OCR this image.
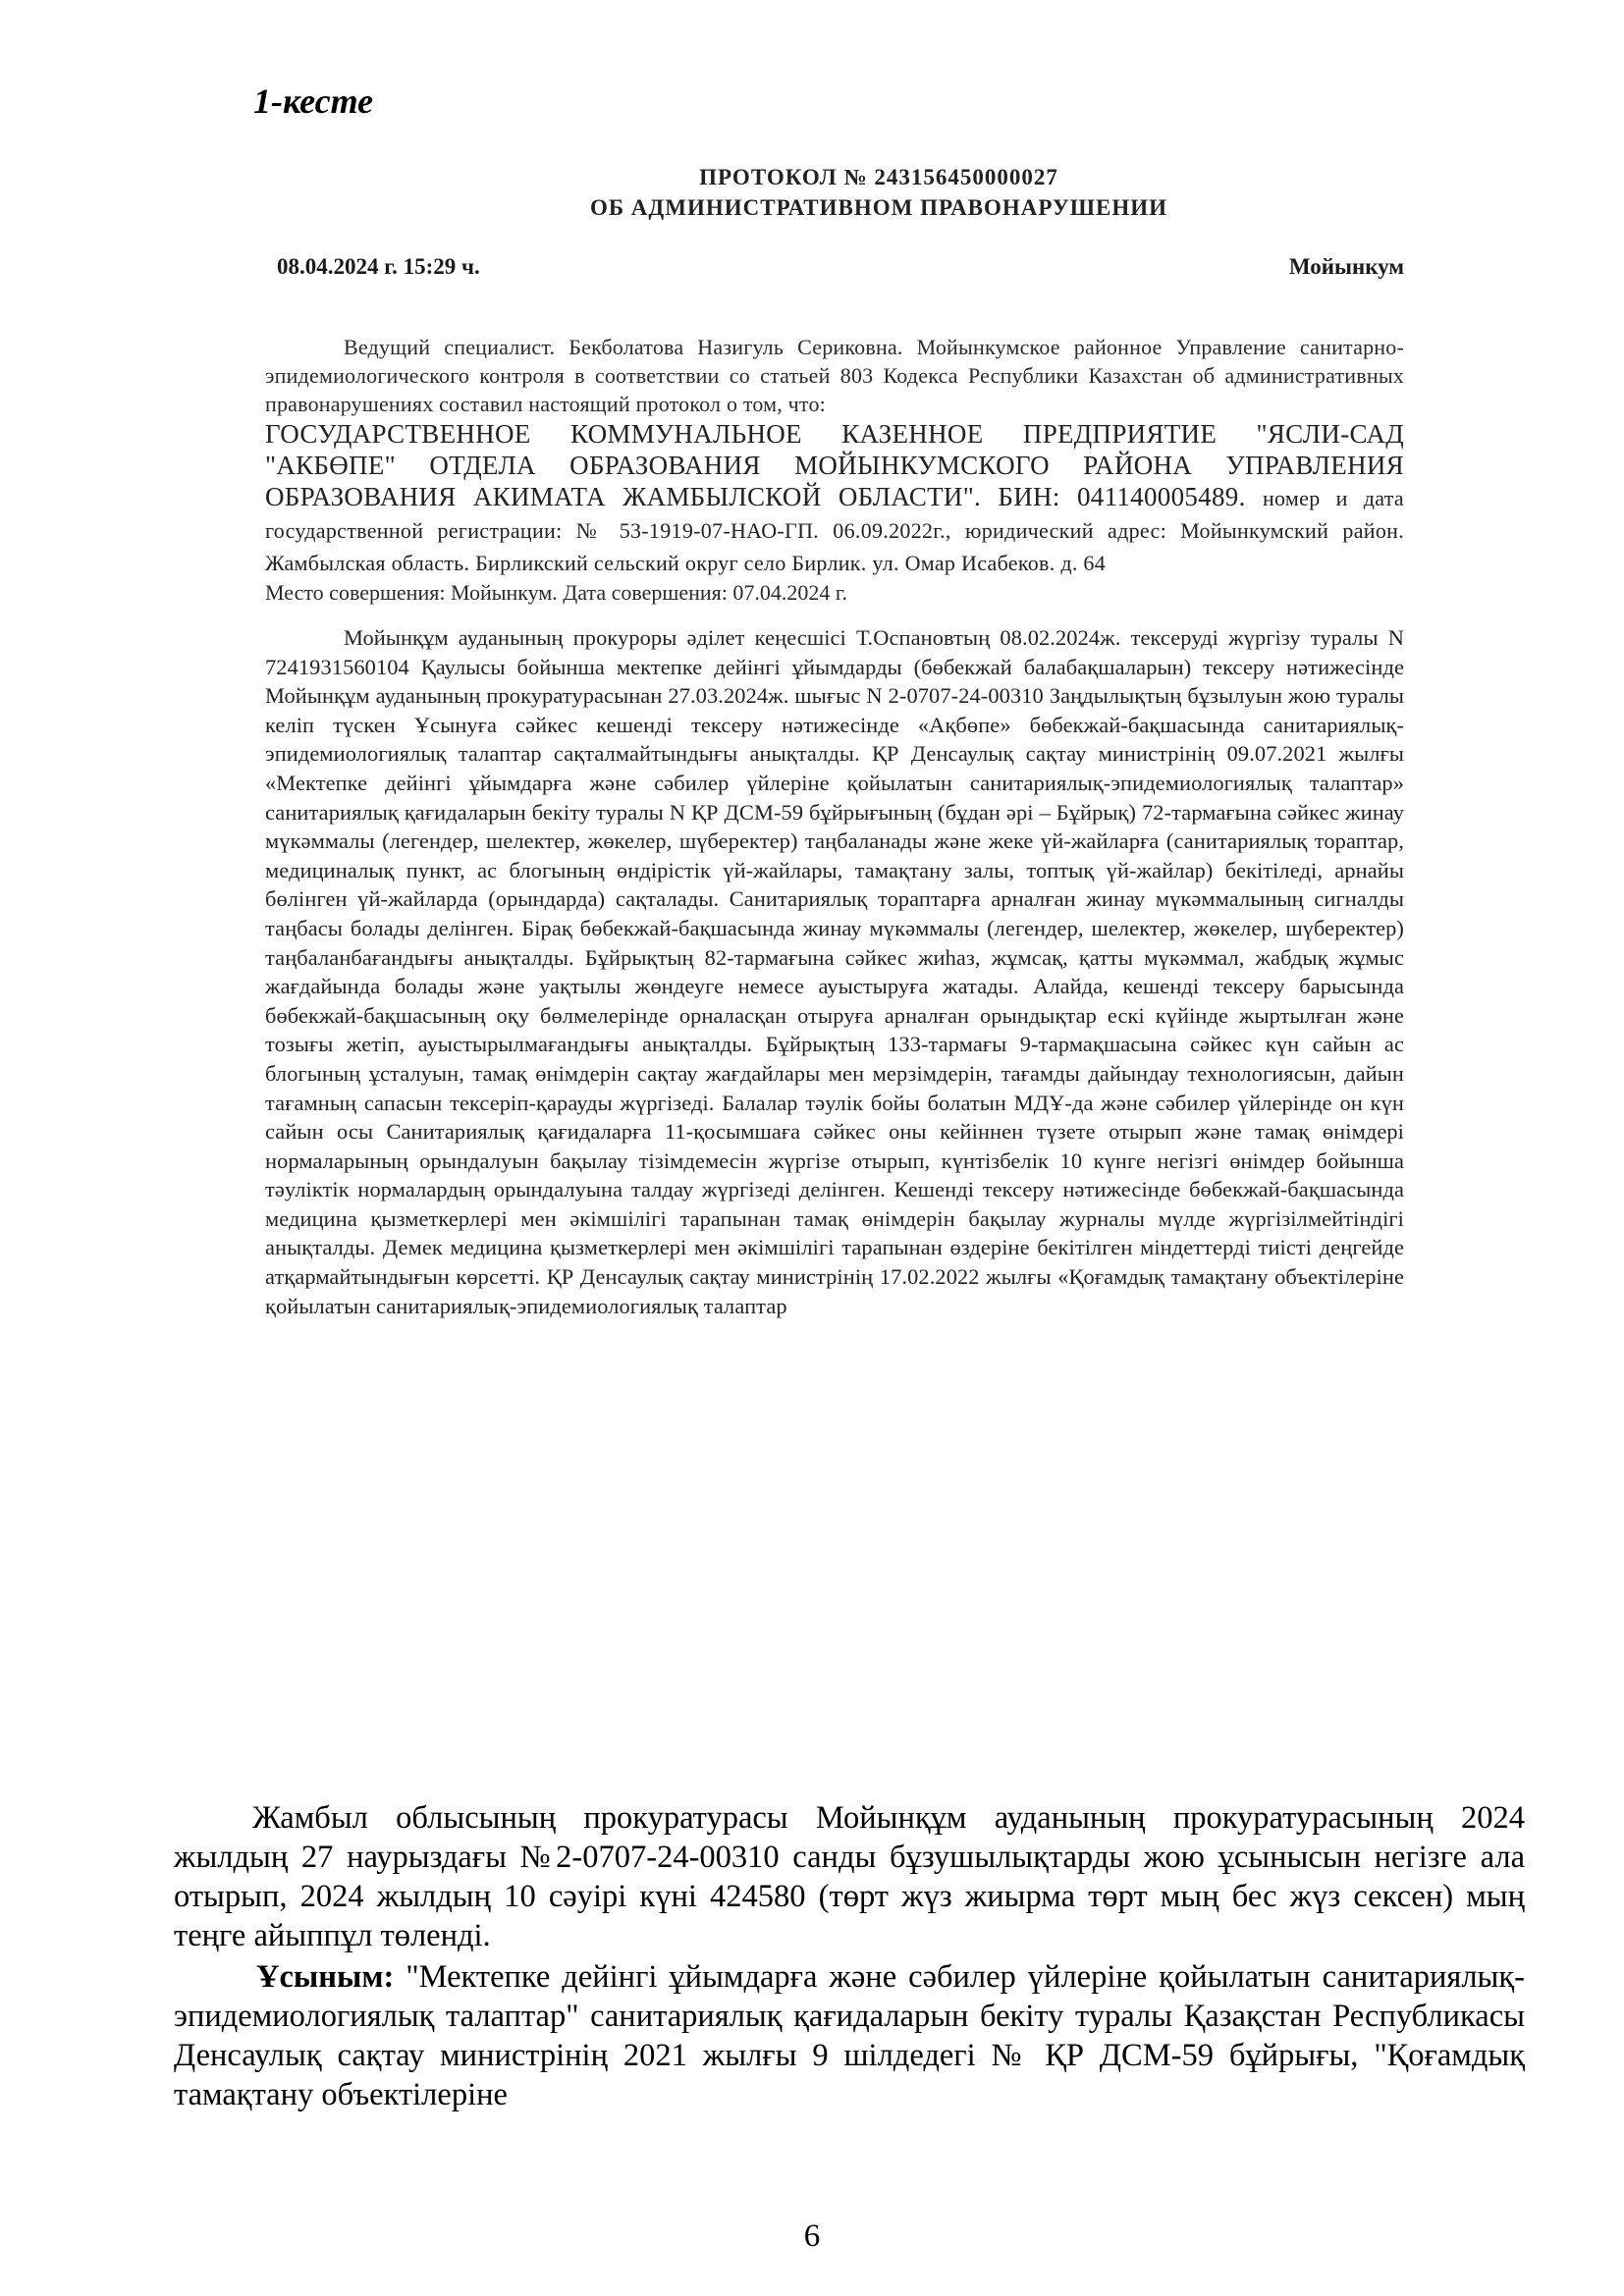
1-кесте
ПРОТОКОЛ № 243156450000027
ОБ АДМИНИСТРАТИВНОМ ПРАВОНАРУШЕНИИ
08.04.2024 г. 15:29 ч.	Мойынкум
Ведущий специалист. Бекболатова Назигуль Сериковна. Мойынкумское районное Управление санитарно-эпидемиологического контроля в соответствии со статьей 803 Кодекса Республики Казахстан об административных правонарушениях составил настоящий протокол о том, что:
ГОСУДАРСТВЕННОЕ КОММУНАЛЬНОЕ КАЗЕННОЕ ПРЕДПРИЯТИЕ "ЯСЛИ-САД "АКБӨПЕ" ОТДЕЛА ОБРАЗОВАНИЯ МОЙЫНКУМСКОГО РАЙОНА УПРАВЛЕНИЯ ОБРАЗОВАНИЯ АКИМАТА ЖАМБЫЛСКОЙ ОБЛАСТИ". БИН: 041140005489. номер и дата государственной регистрации: № 53-1919-07-НАО-ГП. 06.09.2022г., юридический адрес: Мойынкумский район. Жамбылская область. Бирликский сельский округ село Бирлик. ул. Омар Исабеков. д. 64
Место совершения: Мойынкум. Дата совершения: 07.04.2024 г.
Мойынқұм ауданының прокуроры әділет кеңесшісі Т.Оспановтың 08.02.2024ж. тексеруді жүргізу туралы N 7241931560104 Қаулысы бойынша мектепке дейінгі ұйымдарды (бөбекжай балабақшаларын) тексеру нәтижесінде Мойынқұм ауданының прокуратурасынан 27.03.2024ж. шығыс N 2-0707-24-00310 Заңдылықтың бұзылуын жою туралы келіп түскен Ұсынуға сәйкес кешенді тексеру нәтижесінде «Ақбөпе» бөбекжай-бақшасында санитариялық-эпидемиологиялық талаптар сақталмайтындығы анықталды. ҚР Денсаулық сақтау министрінің 09.07.2021 жылғы «Мектепке дейінгі ұйымдарға және сәбилер үйлеріне қойылатын санитариялық-эпидемиологиялық талаптар» санитариялық қағидаларын бекіту туралы N ҚР ДСМ-59 бұйрығының (бұдан әрі – Бұйрық) 72-тармағына сәйкес жинау мүкәммалы (легендер, шелектер, жөкелер, шүберектер) таңбаланады және жеке үй-жайларға (санитариялық тораптар, медициналық пункт, ас блогының өндірістік үй-жайлары, тамақтану залы, топтық үй-жайлар) бекітіледі, арнайы бөлінген үй-жайларда (орындарда) сақталады. Санитариялық тораптарға арналған жинау мүкәммалының сигналды таңбасы болады делінген. Бірақ бөбекжай-бақшасында жинау мүкәммалы (легендер, шелектер, жөкелер, шүберектер) таңбаланбағандығы анықталды. Бұйрықтың 82-тармағына сәйкес жиһаз, жұмсақ, қатты мүкәммал, жабдық жұмыс жағдайында болады және уақтылы жөндеуге немесе ауыстыруға жатады. Алайда, кешенді тексеру барысында бөбекжай-бақшасының оқу бөлмелерінде орналасқан отыруға арналған орындықтар ескі күйінде жыртылған және тозығы жетіп, ауыстырылмағандығы анықталды. Бұйрықтың 133-тармағы 9-тармақшасына сәйкес күн сайын ас блогының ұсталуын, тамақ өнімдерін сақтау жағдайлары мен мерзімдерін, тағамды дайындау технологиясын, дайын тағамның сапасын тексеріп-қарауды жүргізеді. Балалар тәулік бойы болатын МДҰ-да және сәбилер үйлерінде он күн сайын осы Санитариялық қағидаларға 11-қосымшаға сәйкес оны кейіннен түзете отырып және тамақ өнімдері нормаларының орындалуын бақылау тізімдемесін жүргізе отырып, күнтізбелік 10 күнге негізгі өнімдер бойынша тәуліктік нормалардың орындалуына талдау жүргізеді делінген. Кешенді тексеру нәтижесінде бөбекжай-бақшасында медицина қызметкерлері мен әкімшілігі тарапынан тамақ өнімдерін бақылау журналы мүлде жүргізілмейтіндігі анықталды. Демек медицина қызметкерлері мен әкімшілігі тарапынан өздеріне бекітілген міндеттерді тиісті деңгейде атқармайтындығын көрсетті. ҚР Денсаулық сақтау министрінің 17.02.2022 жылғы «Қоғамдық тамақтану объектілеріне қойылатын санитариялық-эпидемиологиялық талаптар
Жамбыл облысының прокуратурасы Мойынқұм ауданының прокуратурасының 2024 жылдың 27 наурыздағы №2-0707-24-00310 санды бұзушылықтарды жою ұсынысын негізге ала отырып, 2024 жылдың 10 сәуірі күні 424580 (төрт жүз жиырма төрт мың бес жүз сексен) мың теңге айыппұл төленді.
Ұсыным: "Мектепке дейінгі ұйымдарға және сәбилер үйлеріне қойылатын санитариялық-эпидемиологиялық талаптар" санитариялық қағидаларын бекіту туралы Қазақстан Республикасы Денсаулық сақтау министрінің 2021 жылғы 9 шілдедегі № ҚР ДСМ-59 бұйрығы, "Қоғамдық тамақтану объектілеріне
6
